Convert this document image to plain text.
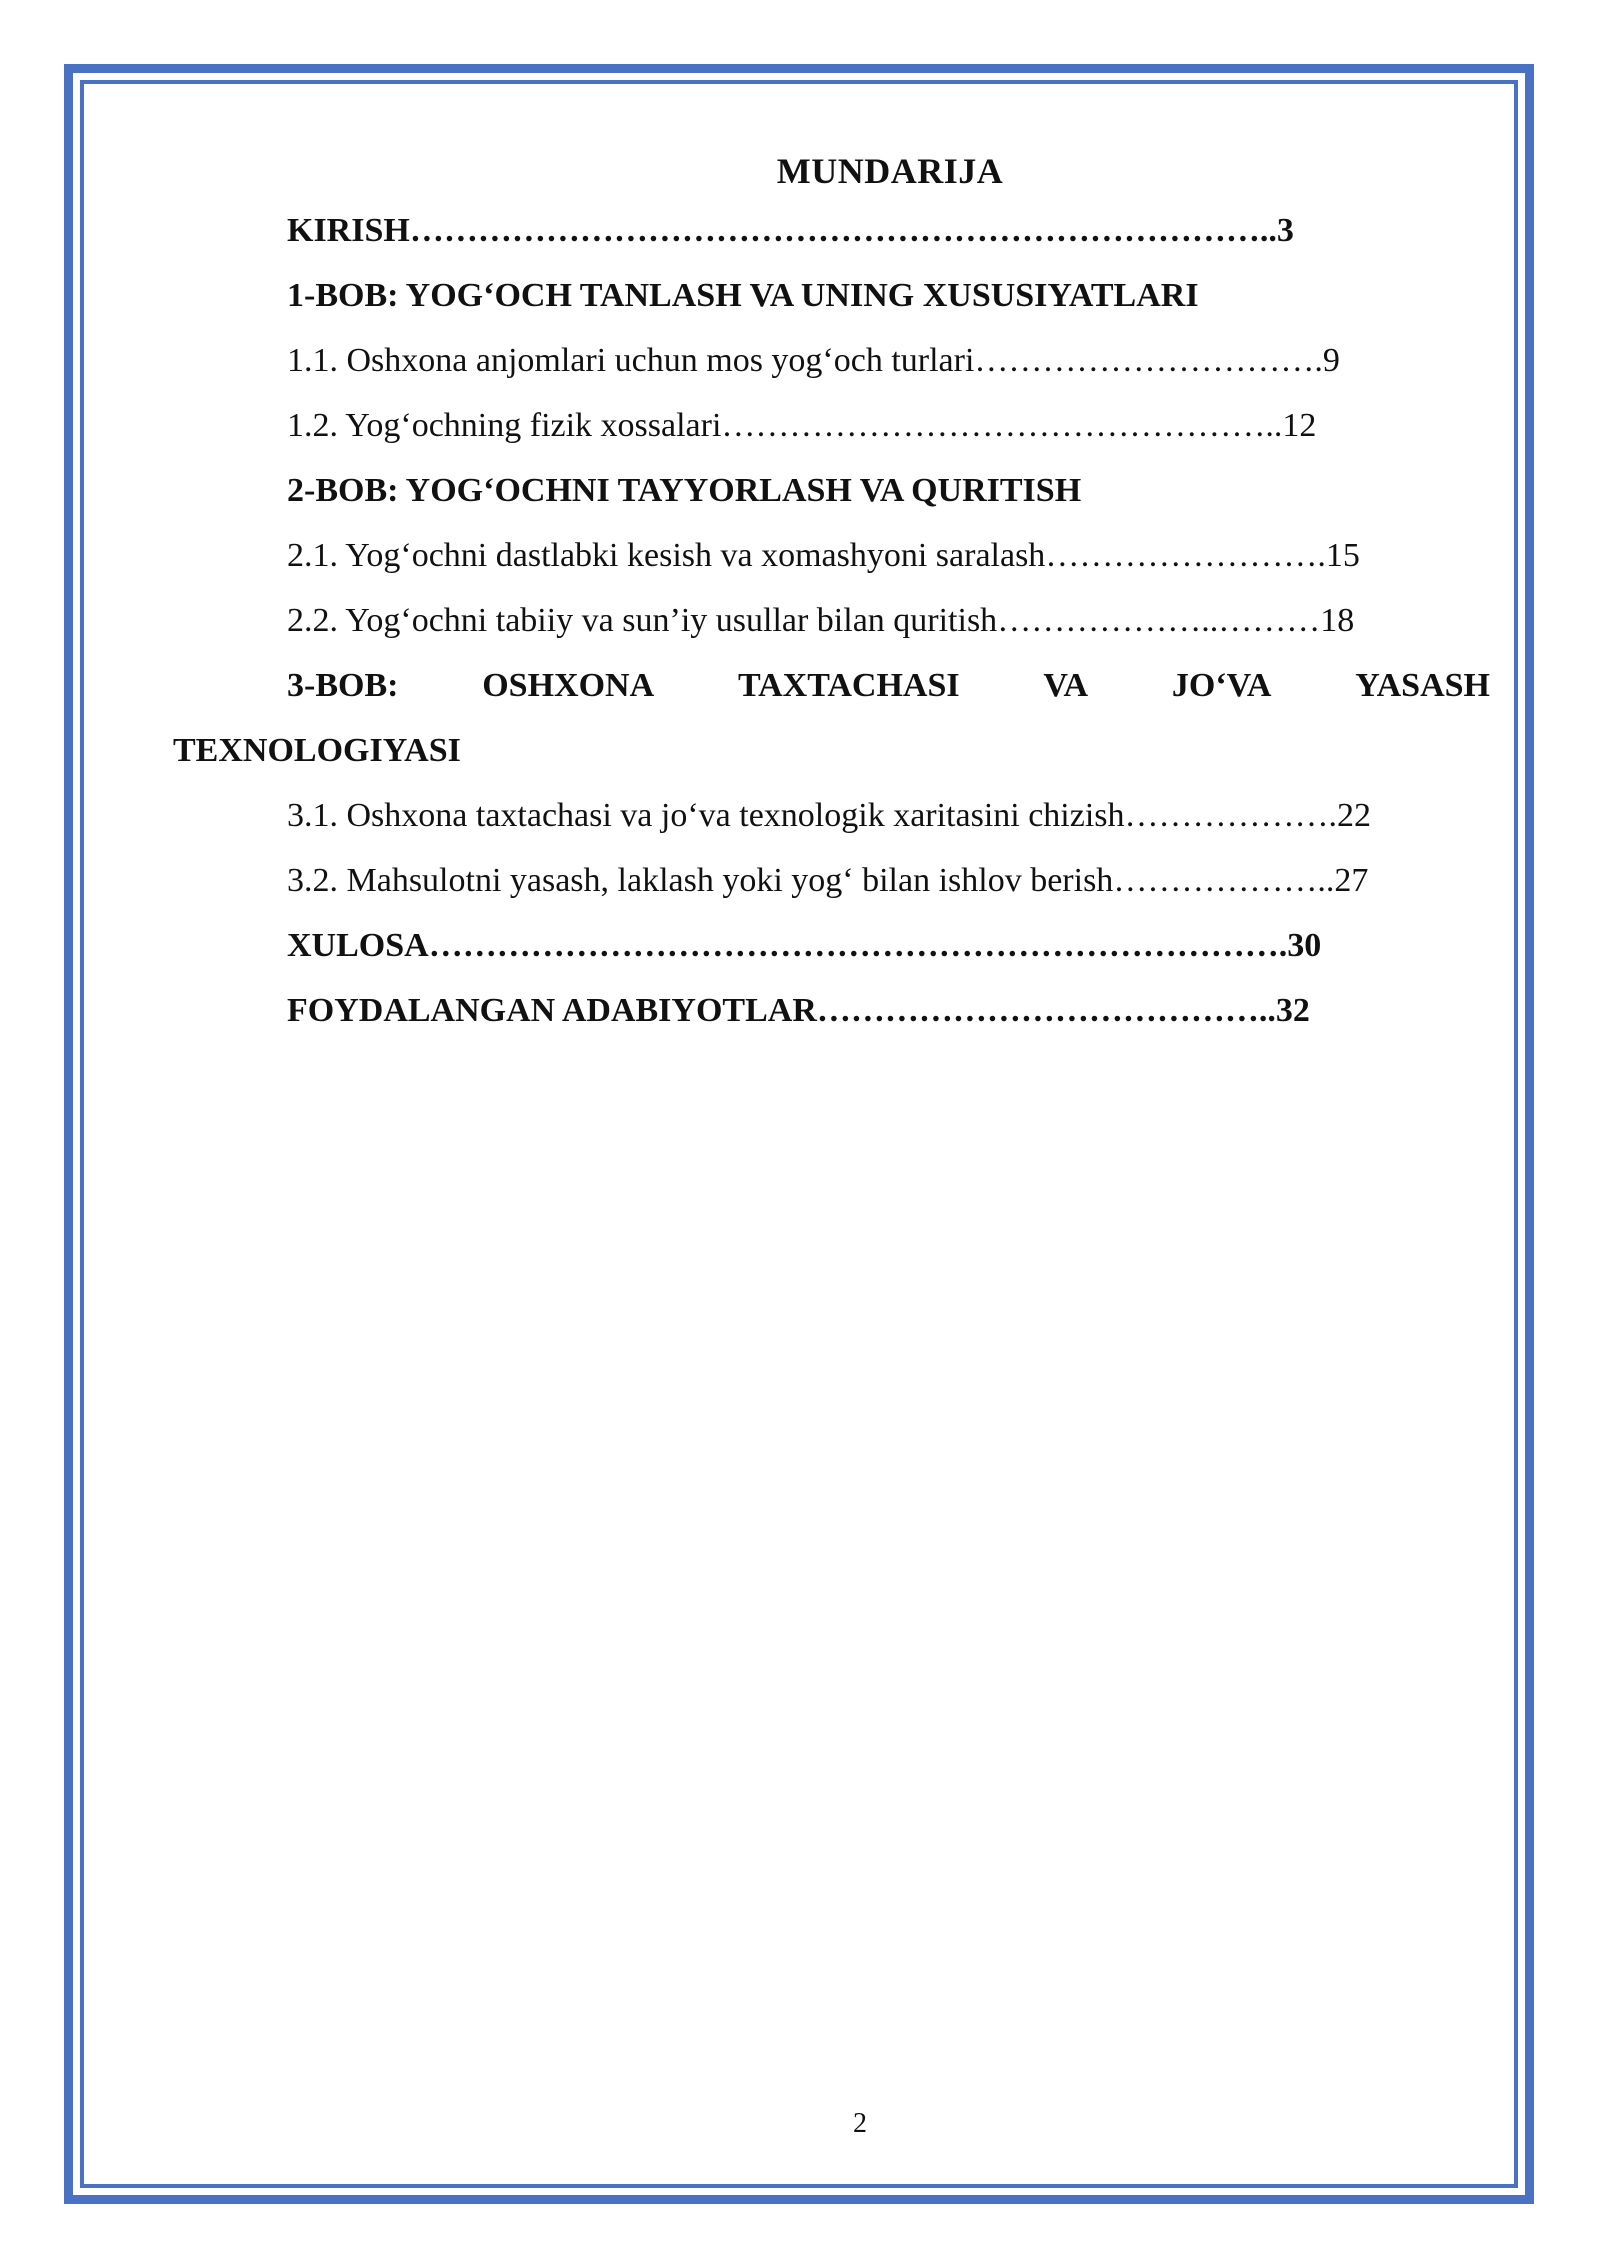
MUNDARIJA
KIRISH ………………………………………………………………….. 3
1-BOB: YOG‘OCH TANLASH VA UNING XUSUSIYATLARI
1.1. Oshxona anjomlari uchun mos yog‘och turlari …………………………. 9
1.2. Yog‘ochning fizik xossalari ………………………………………….. 12
2-BOB: YOG‘OCHNI TAYYORLASH VA QURITISH
2.1. Yog‘ochni dastlabki kesish va xomashyoni saralash ……………………. 15
2.2. Yog‘ochni tabiiy va sun’iy usullar bilan quritish ………………..……… 18
3-BOB: OSHXONA TAXTACHASI VA JO‘VA YASASH
TEXNOLOGIYASI
3.1. Oshxona taxtachasi va jo‘va texnologik xaritasini chizish ………………. 22
3.2. Mahsulotni yasash, laklash yoki yog‘ bilan ishlov berish ……………….. 27
XULOSA ………………………………………………………………… .30
FOYDALANGAN ADABIYOTLAR ………………………………….. 32
2
